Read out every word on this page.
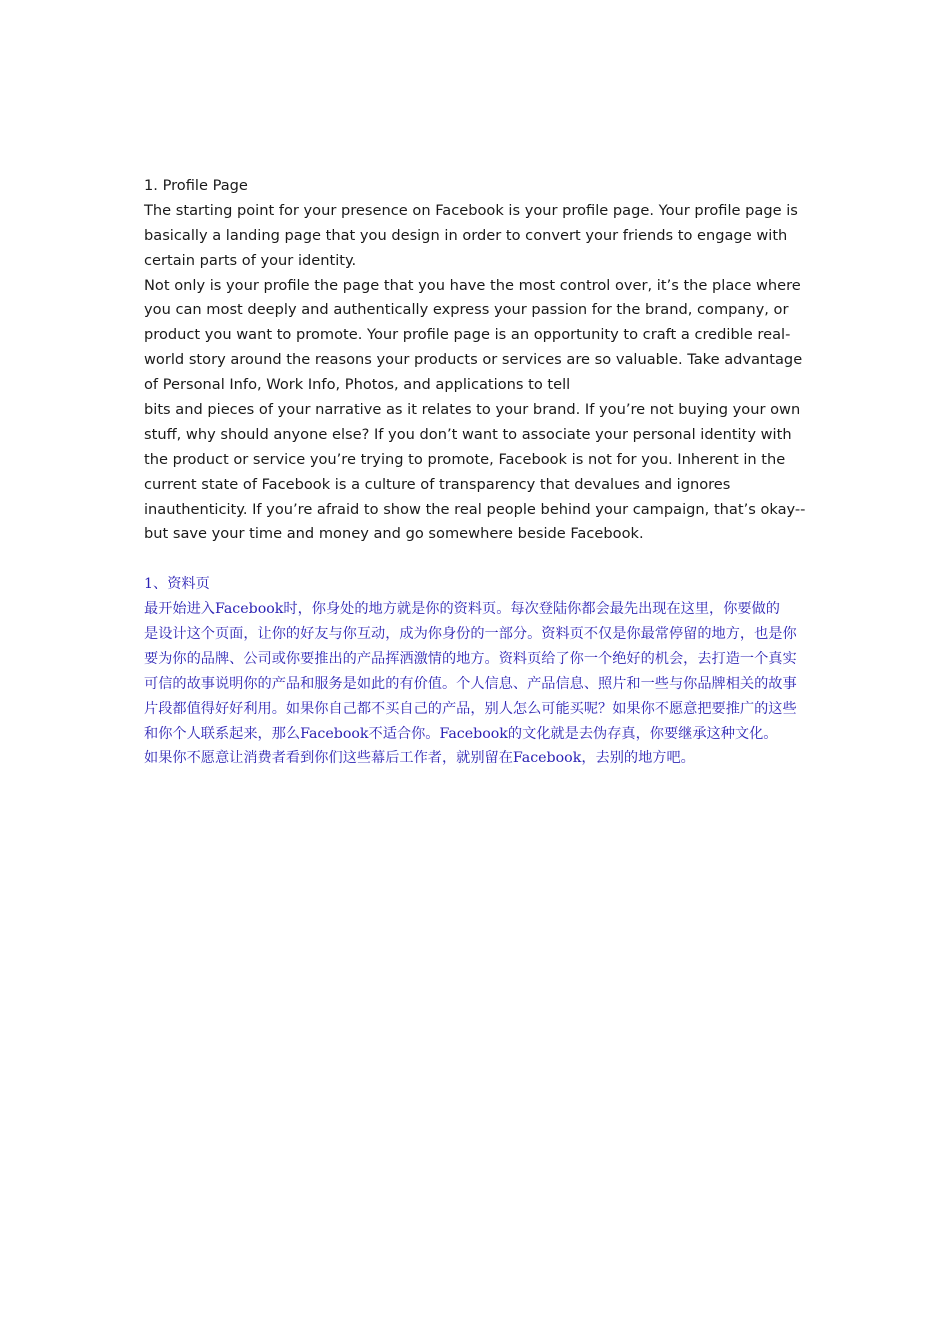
1. Profile Page
The starting point for your presence on Facebook is your profile page. Your profile page is
basically a landing page that you design in order to convert your friends to engage with
certain parts of your identity.
Not only is your profile the page that you have the most control over, it’s the place where
you can most deeply and authentically express your passion for the brand, company, or
product you want to promote. Your profile page is an opportunity to craft a credible real-
world story around the reasons your products or services are so valuable. Take advantage
of Personal Info, Work Info, Photos, and applications to tell
bits and pieces of your narrative as it relates to your brand. If you’re not buying your own
stuff, why should anyone else? If you don’t want to associate your personal identity with
the product or service you’re trying to promote, Facebook is not for you. Inherent in the
current state of Facebook is a culture of transparency that devalues and ignores
inauthenticity. If you’re afraid to show the real people behind your campaign, that’s okay--
but save your time and money and go somewhere beside Facebook.
1、资料页
最开始进入Facebook时，你身处的地方就是你的资料页。每次登陆你都会最先出现在这里，你要做的
是设计这个页面，让你的好友与你互动，成为你身份的一部分。资料页不仅是你最常停留的地方，也是你
要为你的品牌、公司或你要推出的产品挥洒激情的地方。资料页给了你一个绝好的机会，去打造一个真实
可信的故事说明你的产品和服务是如此的有价值。个人信息、产品信息、照片和一些与你品牌相关的故事
片段都值得好好利用。如果你自己都不买自己的产品，别人怎么可能买呢？如果你不愿意把要推广的这些
和你个人联系起来，那么Facebook不适合你。Facebook的文化就是去伪存真，你要继承这种文化。
如果你不愿意让消费者看到你们这些幕后工作者，就别留在Facebook，去别的地方吧。
